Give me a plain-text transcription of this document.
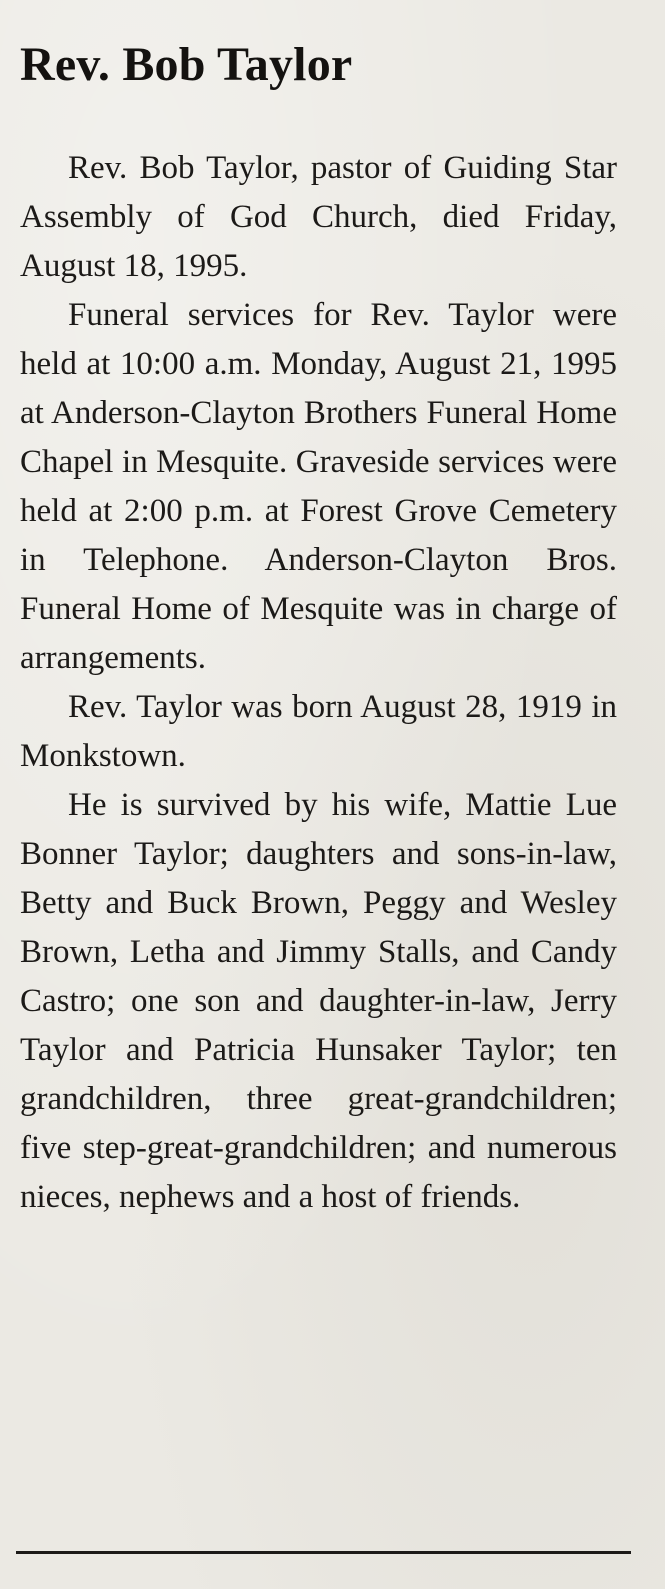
Rev. Bob Taylor

Rev. Bob Taylor, pastor of Guiding Star Assembly of God Church, died Friday, August 18, 1995.

Funeral services for Rev. Taylor were held at 10:00 a.m. Monday, August 21, 1995 at Anderson-Clayton Brothers Funeral Home Chapel in Mesquite. Graveside services were held at 2:00 p.m. at Forest Grove Cemetery in Telephone. Anderson-Clayton Bros. Funeral Home of Mesquite was in charge of arrangements.

Rev. Taylor was born August 28, 1919 in Monkstown.

He is survived by his wife, Mattie Lue Bonner Taylor; daughters and sons-in-law, Betty and Buck Brown, Peggy and Wesley Brown, Letha and Jimmy Stalls, and Candy Castro; one son and daughter-in-law, Jerry Taylor and Patricia Hunsaker Taylor; ten grandchildren, three great-grandchildren; five step-great-grandchildren; and numerous nieces, nephews and a host of friends.
